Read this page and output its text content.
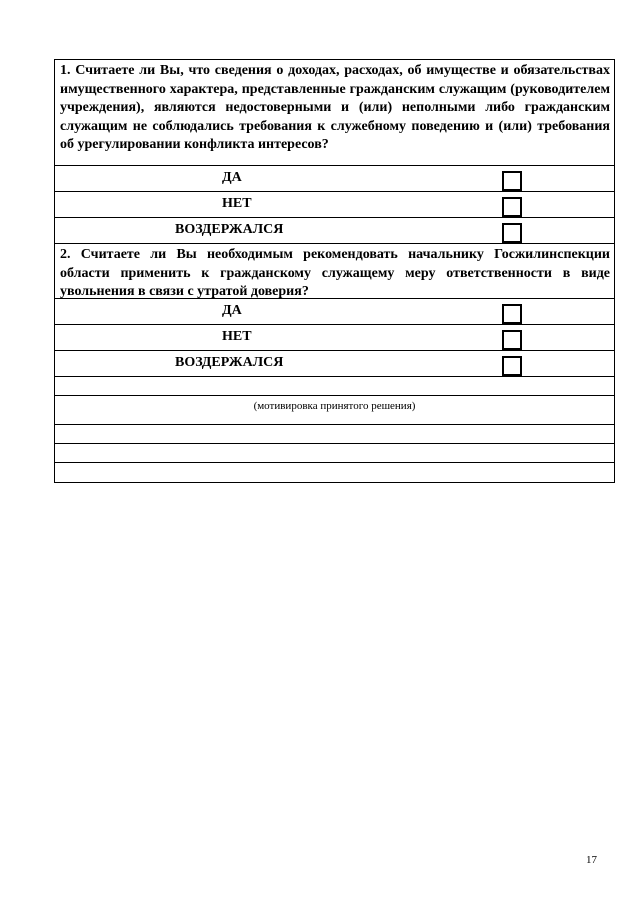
1. Считаете ли Вы, что сведения о доходах, расходах, об имуществе и обязательствах имущественного характера, представленные гражданским служащим (руководителем учреждения), являются недостоверными и (или) неполными либо гражданским служащим не соблюдались требования к служебному поведению и (или) требования об урегулировании конфликта интересов?
ДА
НЕТ
ВОЗДЕРЖАЛСЯ
2. Считаете ли Вы необходимым рекомендовать начальнику Госжилинспекции области применить к гражданскому служащему меру ответственности в виде увольнения в связи с утратой доверия?
ДА
НЕТ
ВОЗДЕРЖАЛСЯ
(мотивировка принятого решения)
17
